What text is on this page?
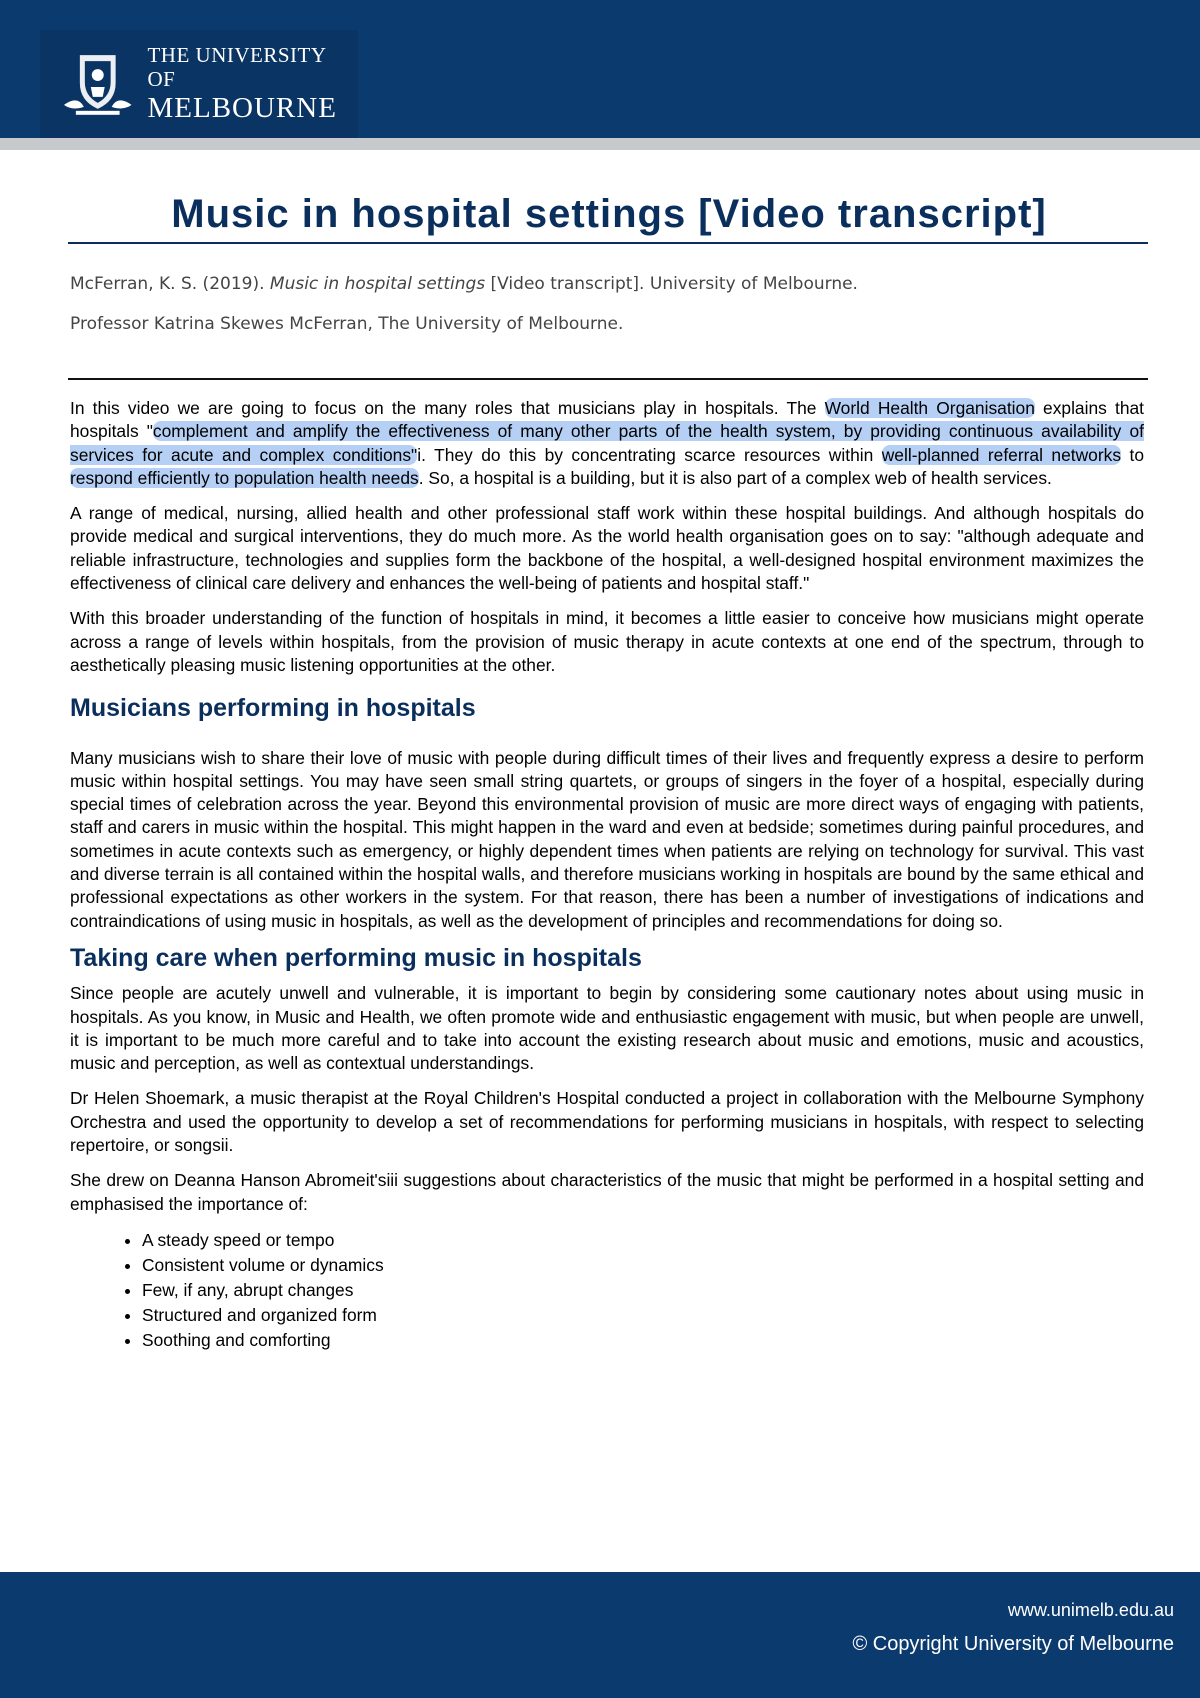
THE UNIVERSITY OF
MELBOURNE
Music in hospital settings [Video transcript]

McFerran, K. S. (2019). Music in hospital settings [Video transcript]. University of Melbourne.

Professor Katrina Skewes McFerran, The University of Melbourne.

In this video we are going to focus on the many roles that musicians play in hospitals. The World Health Organisation explains that hospitals "complement and amplify the effectiveness of many other parts of the health system, by providing continuous availability of services for acute and complex conditions"i. They do this by concentrating scarce resources within well-planned referral networks to respond efficiently to population health needs. So, a hospital is a building, but it is also part of a complex web of health services.

A range of medical, nursing, allied health and other professional staff work within these hospital buildings. And although hospitals do provide medical and surgical interventions, they do much more. As the world health organisation goes on to say: "although adequate and reliable infrastructure, technologies and supplies form the backbone of the hospital, a well-designed hospital environment maximizes the effectiveness of clinical care delivery and enhances the well-being of patients and hospital staff."

With this broader understanding of the function of hospitals in mind, it becomes a little easier to conceive how musicians might operate across a range of levels within hospitals, from the provision of music therapy in acute contexts at one end of the spectrum, through to aesthetically pleasing music listening opportunities at the other.

Musicians performing in hospitals

Many musicians wish to share their love of music with people during difficult times of their lives and frequently express a desire to perform music within hospital settings. You may have seen small string quartets, or groups of singers in the foyer of a hospital, especially during special times of celebration across the year. Beyond this environmental provision of music are more direct ways of engaging with patients, staff and carers in music within the hospital. This might happen in the ward and even at bedside; sometimes during painful procedures, and sometimes in acute contexts such as emergency, or highly dependent times when patients are relying on technology for survival. This vast and diverse terrain is all contained within the hospital walls, and therefore musicians working in hospitals are bound by the same ethical and professional expectations as other workers in the system. For that reason, there has been a number of investigations of indications and contraindications of using music in hospitals, as well as the development of principles and recommendations for doing so.

Taking care when performing music in hospitals

Since people are acutely unwell and vulnerable, it is important to begin by considering some cautionary notes about using music in hospitals. As you know, in Music and Health, we often promote wide and enthusiastic engagement with music, but when people are unwell, it is important to be much more careful and to take into account the existing research about music and emotions, music and acoustics, music and perception, as well as contextual understandings.

Dr Helen Shoemark, a music therapist at the Royal Children's Hospital conducted a project in collaboration with the Melbourne Symphony Orchestra and used the opportunity to develop a set of recommendations for performing musicians in hospitals, with respect to selecting repertoire, or songsii.

She drew on Deanna Hanson Abromeit'siii suggestions about characteristics of the music that might be performed in a hospital setting and emphasised the importance of:

• A steady speed or tempo
• Consistent volume or dynamics
• Few, if any, abrupt changes
• Structured and organized form
• Soothing and comforting

www.unimelb.edu.au

© Copyright University of Melbourne
